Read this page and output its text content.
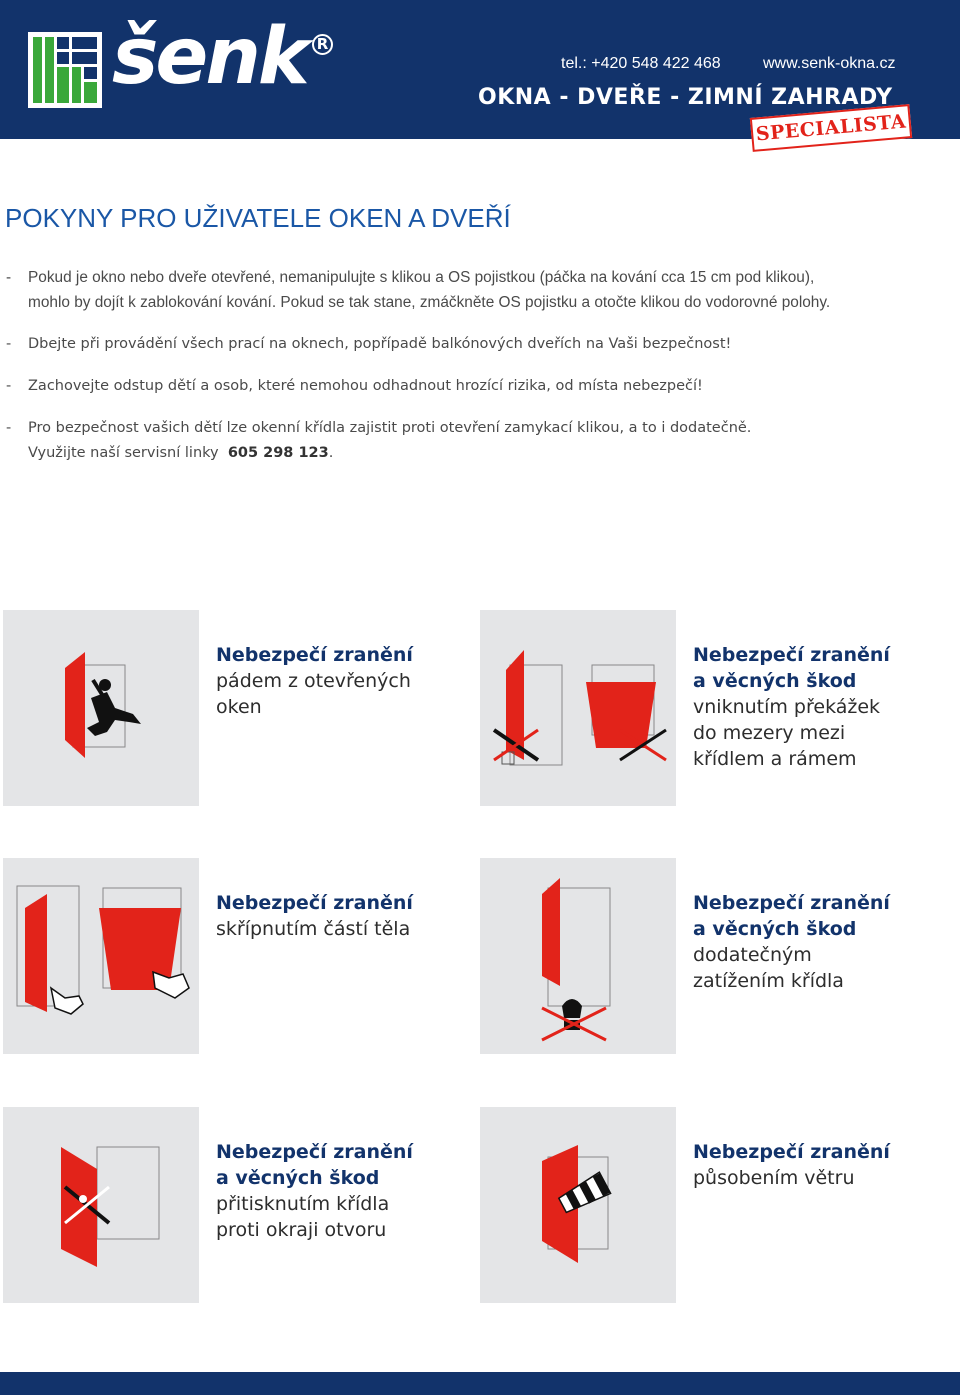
šenk R
tel.: +420 548 422 468	www.senk-okna.cz
OKNA - DVEŘE - ZIMNÍ ZAHRADY
SPECIALISTA
POKYNY PRO UŽIVATELE OKEN A DVEŘÍ
- Pokud je okno nebo dveře otevřené, nemanipulujte s klikou a OS pojistkou (páčka na kování cca 15 cm pod klikou),
mohlo by dojít k zablokování kování. Pokud se tak stane, zmáčkněte OS pojistku a otočte klikou do vodorovné polohy.
- Dbejte při provádění všech prací na oknech, popřípadě balkónových dveřích na Vaši bezpečnost!
- Zachovejte odstup dětí a osob, které nemohou odhadnout hrozící rizika, od místa nebezpečí!
- Pro bezpečnost vašich dětí lze okenní křídla zajistit proti otevření zamykací klikou, a to i dodatečně.
Využijte naší servisní linky 605 298 123.
Nebezpečí zranění
pádem z otevřených oken
Nebezpečí zranění
a věcných škod
vniknutím překážek do mezery mezi křídlem a rámem
Nebezpečí zranění
skřípnutím částí těla
Nebezpečí zranění
a věcných škod
dodatečným zatížením křídla
Nebezpečí zranění
a věcných škod
přitisknutím křídla proti okraji otvoru
Nebezpečí zranění
působením větru
